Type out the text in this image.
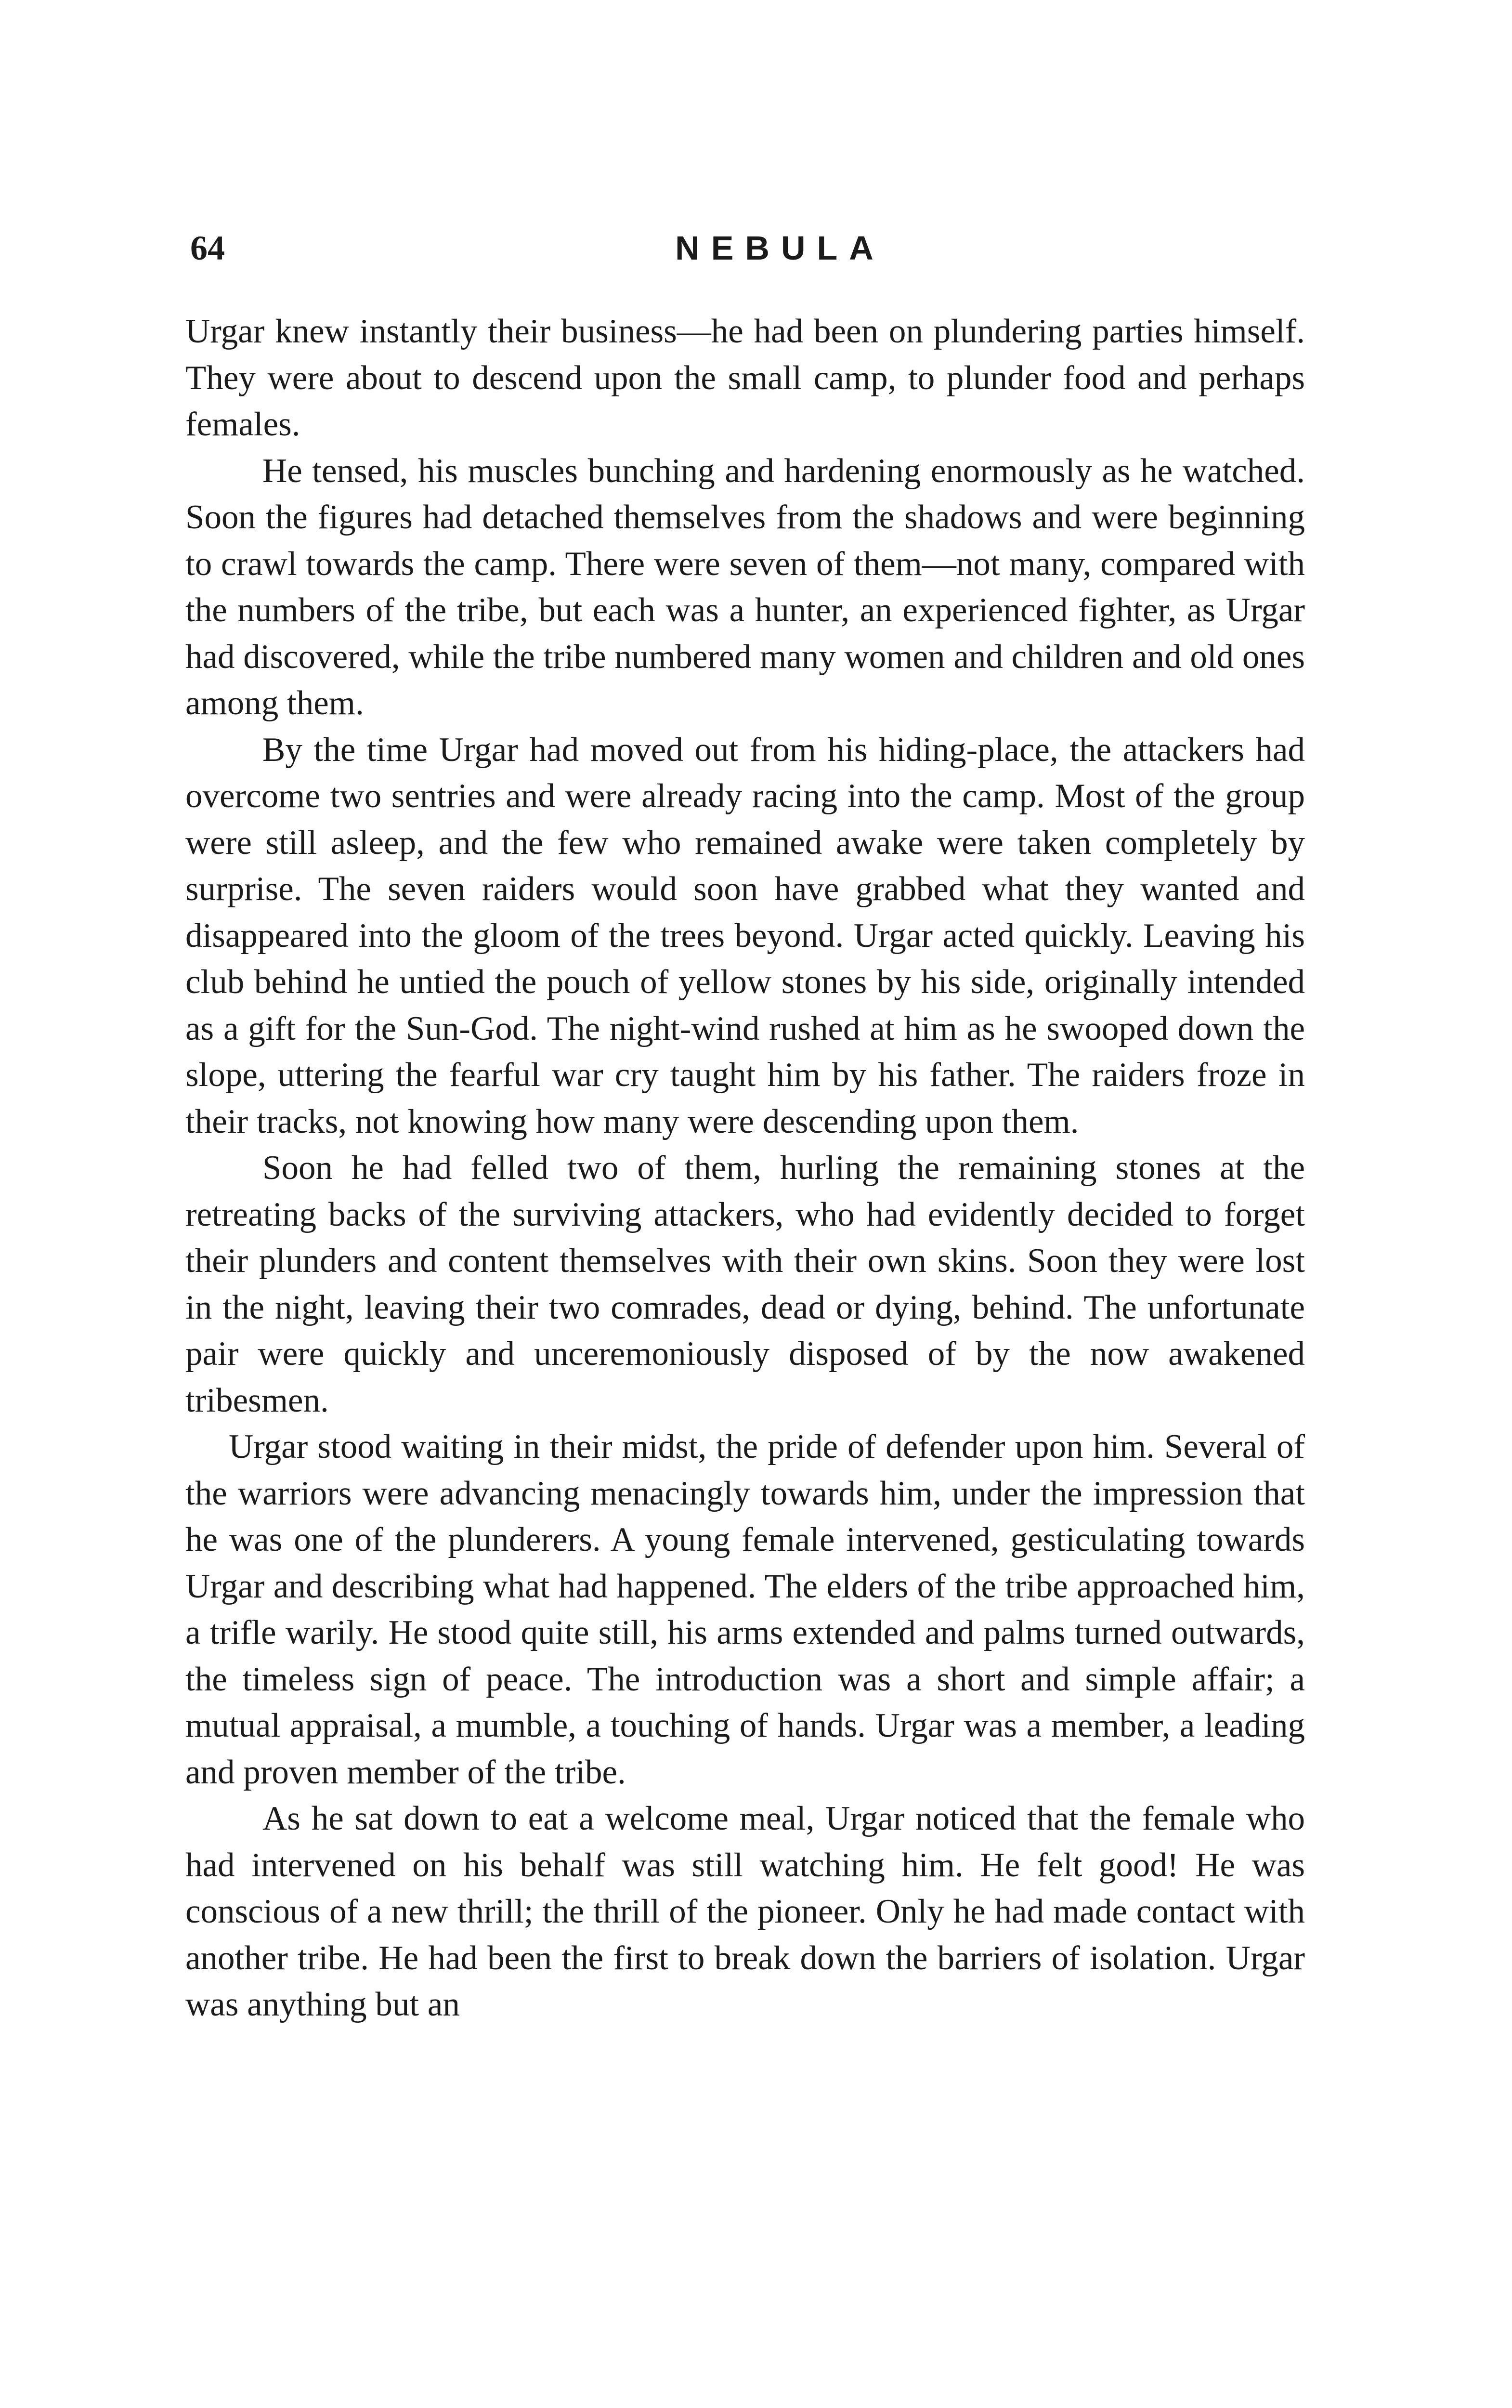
64	NEBULA

Urgar knew instantly their business—he had been on plundering parties himself. They were about to descend upon the small camp, to plunder food and perhaps females.

He tensed, his muscles bunching and hardening enormously as he watched. Soon the figures had detached themselves from the shadows and were beginning to crawl towards the camp. There were seven of them—not many, compared with the numbers of the tribe, but each was a hunter, an experienced fighter, as Urgar had discovered, while the tribe numbered many women and children and old ones among them.

By the time Urgar had moved out from his hiding-place, the attackers had overcome two sentries and were already racing into the camp. Most of the group were still asleep, and the few who remained awake were taken completely by surprise. The seven raiders would soon have grabbed what they wanted and disappeared into the gloom of the trees beyond. Urgar acted quickly. Leaving his club behind he untied the pouch of yellow stones by his side, originally intended as a gift for the Sun-God. The night-wind rushed at him as he swooped down the slope, uttering the fearful war cry taught him by his father. The raiders froze in their tracks, not knowing how many were descending upon them.

Soon he had felled two of them, hurling the remaining stones at the retreating backs of the surviving attackers, who had evidently decided to forget their plunders and content themselves with their own skins. Soon they were lost in the night, leaving their two comrades, dead or dying, behind. The unfortunate pair were quickly and unceremoniously disposed of by the now awakened tribesmen.

Urgar stood waiting in their midst, the pride of defender upon him. Several of the warriors were advancing menacingly towards him, under the impression that he was one of the plunderers. A young female intervened, gesticulating towards Urgar and describing what had happened. The elders of the tribe approached him, a trifle warily. He stood quite still, his arms extended and palms turned outwards, the timeless sign of peace. The introduction was a short and simple affair; a mutual appraisal, a mumble, a touching of hands. Urgar was a member, a leading and proven member of the tribe.

As he sat down to eat a welcome meal, Urgar noticed that the female who had intervened on his behalf was still watching him. He felt good! He was conscious of a new thrill; the thrill of the pioneer. Only he had made contact with another tribe. He had been the first to break down the barriers of isolation. Urgar was anything but an
